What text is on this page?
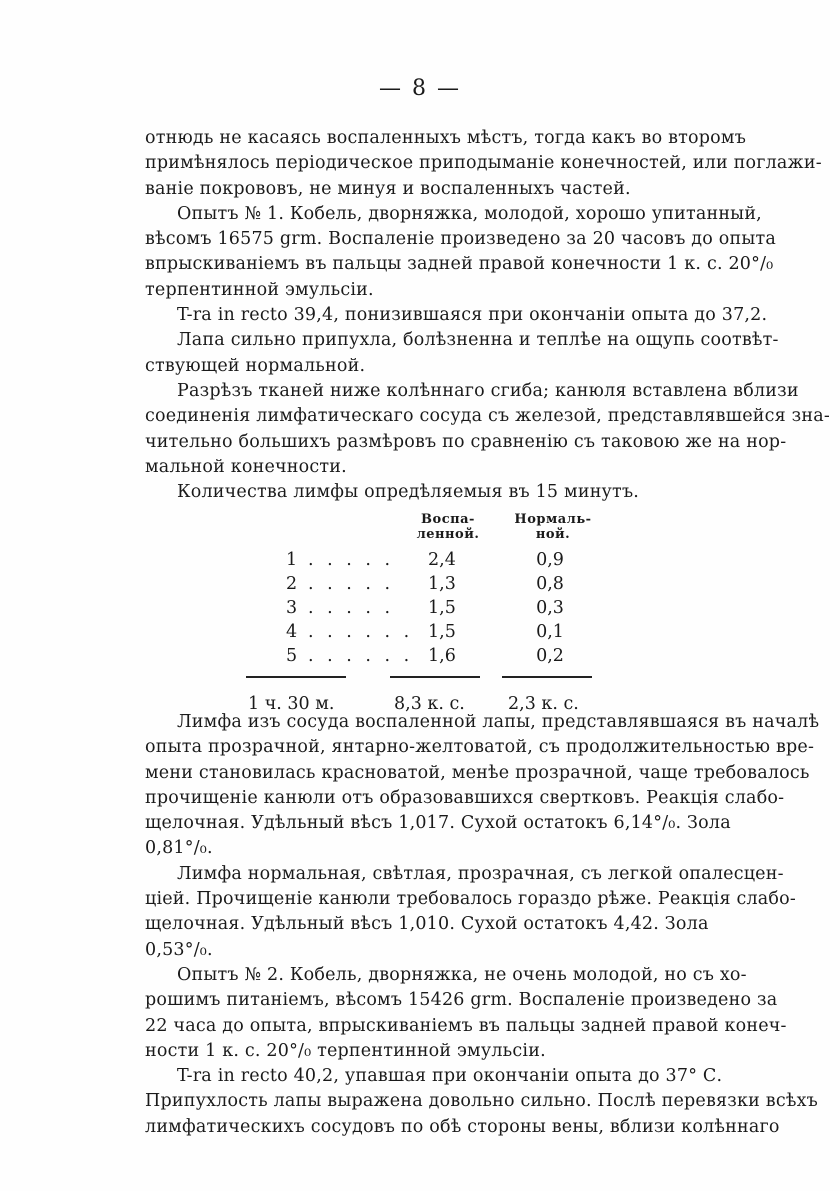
— 8 —
отнюдь не касаясь воспаленныхъ мѣстъ, тогда какъ во второмъ
примѣнялось періодическое приподыманіе конечностей, или поглажи-
ваніе покрововъ, не минуя и воспаленныхъ частей.
Опытъ № 1. Кобель, дворняжка, молодой, хорошо упитанный,
вѣсомъ 16575 grm. Воспаленіе произведено за 20 часовъ до опыта
впрыскиваніемъ въ пальцы задней правой конечности 1 к. с. 20°/₀
терпентинной эмульсіи.
T-ra in recto 39,4, понизившаяся при окончаніи опыта до 37,2.
Лапа сильно припухла, болѣзненна и теплѣе на ощупь соотвѣт-
ствующей нормальной.
Разрѣзъ тканей ниже колѣннаго сгиба; канюля вставлена вблизи
соединенія лимфатическаго сосуда съ железой, представлявшейся зна-
чительно большихъ размѣровъ по сравненію съ таковою же на нор-
мальной конечности.
Количества лимфы опредѣляемыя въ 15 минутъ.
Воспа-
ленной.
Нормаль-
ной.
1 . . . . .	2,4	0,9
2 . . . . .	1,3	0,8
3 . . . . .	1,5	0,3
4 . . . . . . 1,5	0,1
5 . . . . . . 1,6	0,2
1 ч. 30 м.	8,3 к. с. 2,3 к. с.
Лимфа изъ сосуда воспаленной лапы, представлявшаяся въ началѣ
опыта прозрачной, янтарно-желтоватой, съ продолжительностью вре-
мени становилась красноватой, менѣе прозрачной, чаще требовалось
прочищеніе канюли отъ образовавшихся свертковъ. Реакція слабо-
щелочная. Удѣльный вѣсъ 1,017. Сухой остатокъ 6,14°/₀. Зола
0,81°/₀.
Лимфа нормальная, свѣтлая, прозрачная, съ легкой опалесцен-
ціей. Прочищеніе канюли требовалось гораздо рѣже. Реакція слабо-
щелочная. Удѣльный вѣсъ 1,010. Сухой остатокъ 4,42. Зола
0,53°/₀.
Опытъ № 2. Кобель, дворняжка, не очень молодой, но съ хо-
рошимъ питаніемъ, вѣсомъ 15426 grm. Воспаленіе произведено за
22 часа до опыта, впрыскиваніемъ въ пальцы задней правой конеч-
ности 1 к. с. 20°/₀ терпентинной эмульсіи.
T-ra in recto 40,2, упавшая при окончаніи опыта до 37° С.
Припухлость лапы выражена довольно сильно. Послѣ перевязки всѣхъ
лимфатическихъ сосудовъ по обѣ стороны вены, вблизи колѣннаго
